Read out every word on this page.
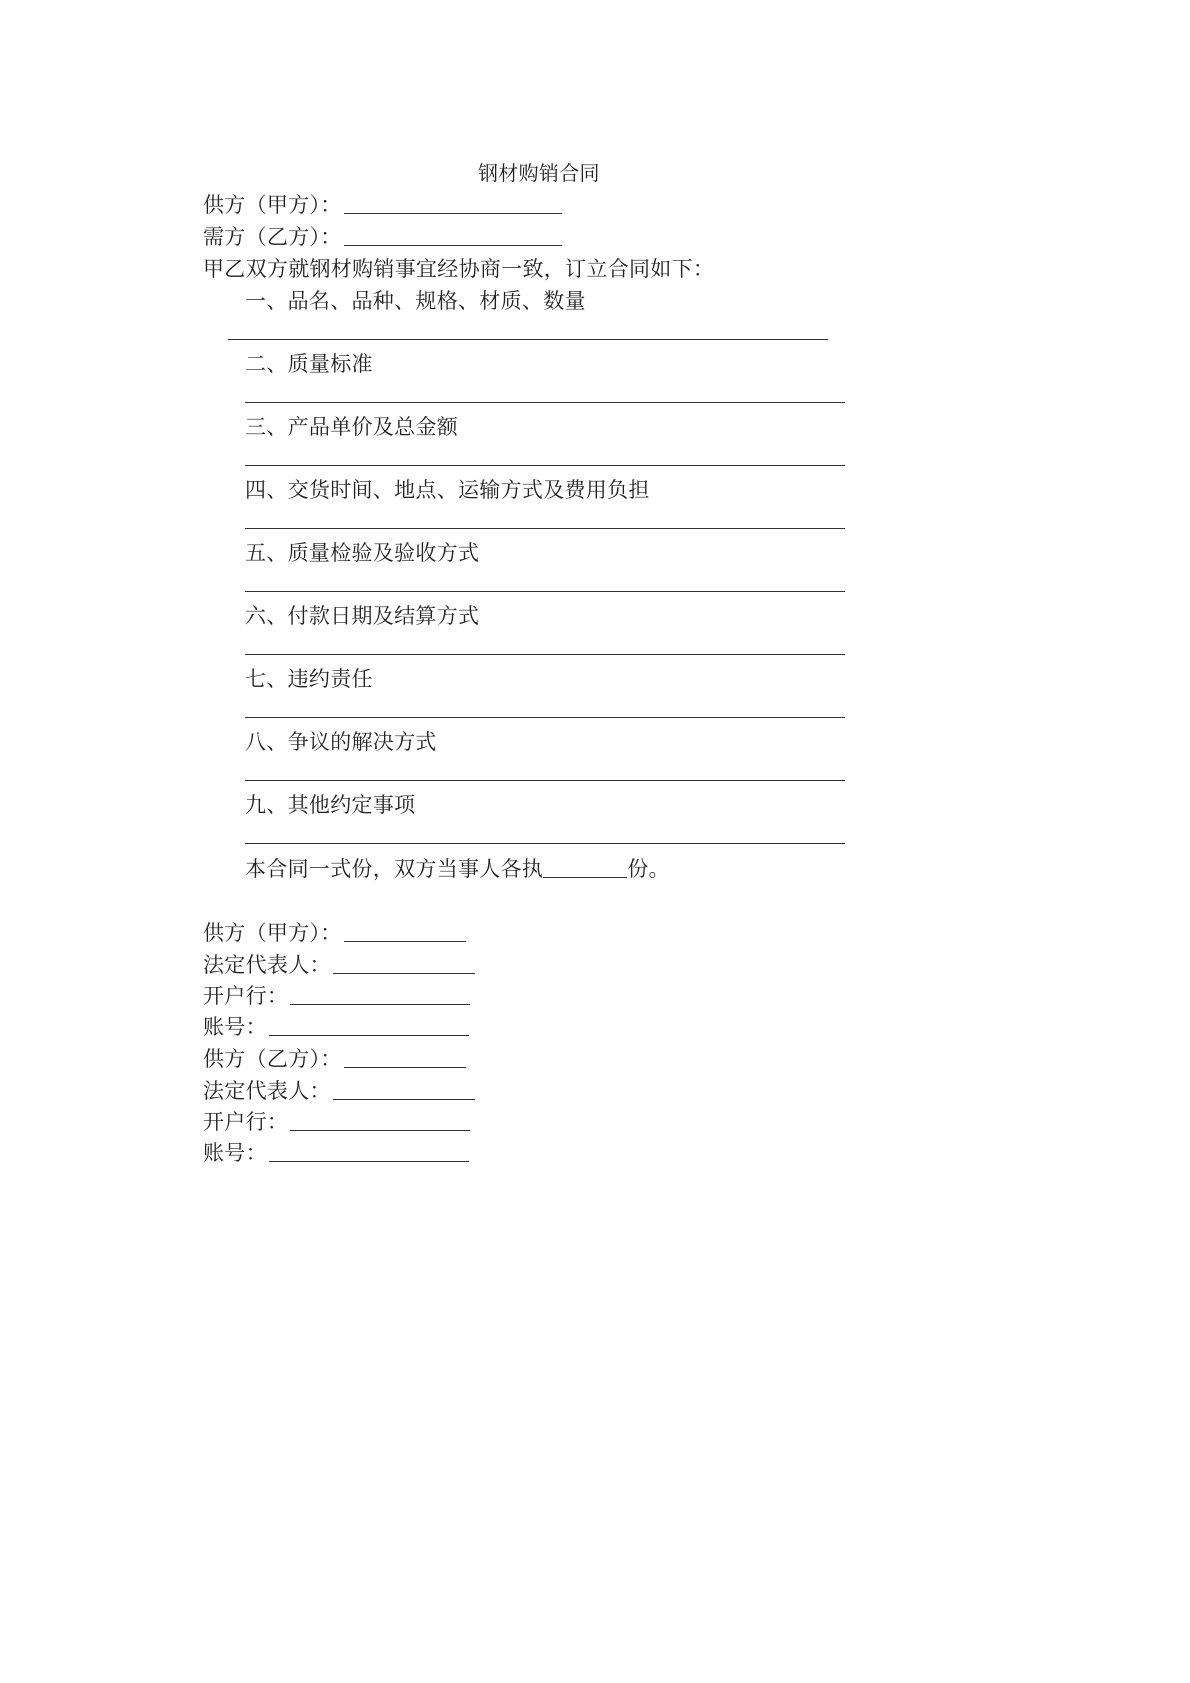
钢材购销合同
供方（甲方）：
需方（乙方）：
甲乙双方就钢材购销事宜经协商一致，订立合同如下：
一、品名、品种、规格、材质、数量
二、质量标准
三、产品单价及总金额
四、交货时间、地点、运输方式及费用负担
五、质量检验及验收方式
六、付款日期及结算方式
七、违约责任
八、争议的解决方式
九、其他约定事项
本合同一式份，双方当事人各执	份。
供方（甲方）：
法定代表人：
开户行：
账号：
供方（乙方）：
法定代表人：
开户行：
账号：
